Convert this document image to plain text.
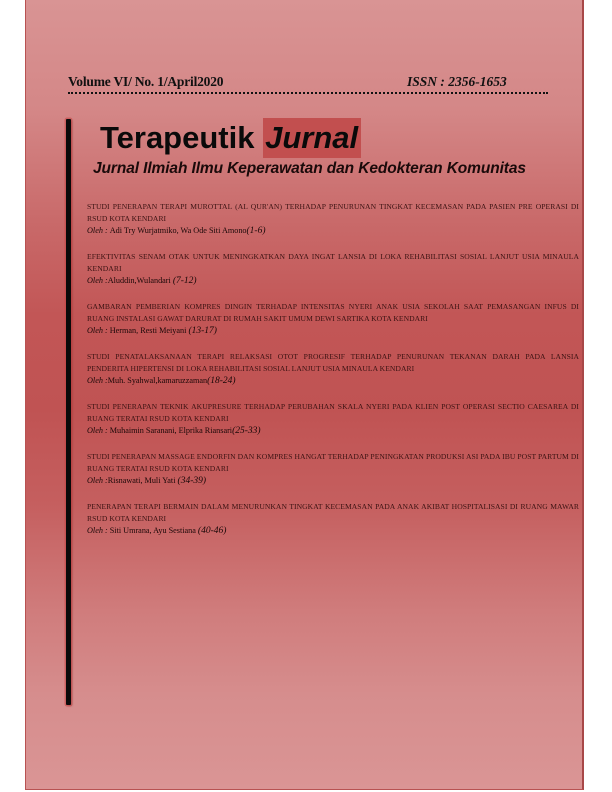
Volume VI/ No. 1/April2020	ISSN : 2356-1653
Terapeutik Jurnal
Jurnal Ilmiah Ilmu Keperawatan dan Kedokteran Komunitas

STUDI PENERAPAN TERAPI MUROTTAL (AL QUR'AN) TERHADAP PENURUNAN TINGKAT KECEMASAN PADA PASIEN PRE OPERASI DI RSUD KOTA KENDARI

Oleh : Adi Try Wurjatmiko, Wa Ode Siti Amono(1-6)

EFEKTIVITAS SENAM OTAK UNTUK MENINGKATKAN DAYA INGAT LANSIA DI LOKA REHABILITASI SOSIAL LANJUT USIA MINAULA KENDARI

Oleh :Aluddin,Wulandari (7-12)

GAMBARAN PEMBERIAN KOMPRES DINGIN TERHADAP INTENSITAS NYERI ANAK USIA SEKOLAH SAAT PEMASANGAN INFUS DI RUANG INSTALASI GAWAT DARURAT DI RUMAH SAKIT UMUM DEWI SARTIKA KOTA KENDARI

Oleh : Herman, Resti Meiyani (13-17)

STUDI PENATALAKSANAAN TERAPI RELAKSASI OTOT PROGRESIF TERHADAP PENURUNAN TEKANAN DARAH PADA LANSIA PENDERITA HIPERTENSI DI LOKA REHABILITASI SOSIAL LANJUT USIA MINAULA KENDARI

Oleh :Muh. Syahwal,kamaruzzaman(18-24)

STUDI PENERAPAN TEKNIK AKUPRESURE TERHADAP PERUBAHAN SKALA NYERI PADA KLIEN POST OPERASI SECTIO CAESAREA DI RUANG TERATAI RSUD KOTA KENDARI

Oleh : Muhaimin Saranani, Elprika Riansari(25-33)

STUDI PENERAPAN MASSAGE ENDORFIN DAN KOMPRES HANGAT TERHADAP PENINGKATAN PRODUKSI ASI PADA IBU POST PARTUM DI RUANG TERATAI RSUD KOTA KENDARI

Oleh :Risnawati, Muli Yati (34-39)

PENERAPAN TERAPI BERMAIN DALAM MENURUNKAN TINGKAT KECEMASAN PADA ANAK AKIBAT HOSPITALISASI DI RUANG MAWAR RSUD KOTA KENDARI

Oleh : Siti Umrana, Ayu Sestiana (40-46)
